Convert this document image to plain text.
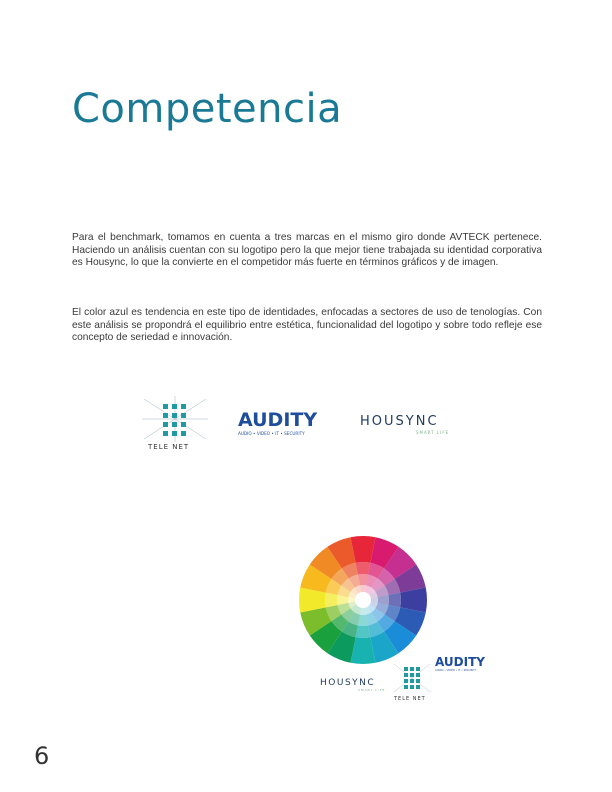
Competencia

Para el benchmark, tomamos en cuenta a tres marcas en el mismo giro donde AVTECK pertenece. Haciendo un análisis cuentan con su logotipo pero la que mejor tiene trabajada su identidad corporativa es Housync, lo que la convierte en el competidor más fuerte en términos gráficos y de imagen.

El color azul es tendencia en este tipo de identidades, enfocadas a sectores de uso de tenologías. Con este análisis se propondrá el equilibrio entre estética, funcionalidad del logotipo y sobre todo refleje ese concepto de seriedad e innovación.

TELE NET
AUDITY
AUDIO • VIDEO • IT • SECURITY
HOUSYNC
SMART LIFE
AUDITY
AUDIO • VIDEO • IT • SECURITY
HOUSYNC
SMART LIFE
TELE NET
6
